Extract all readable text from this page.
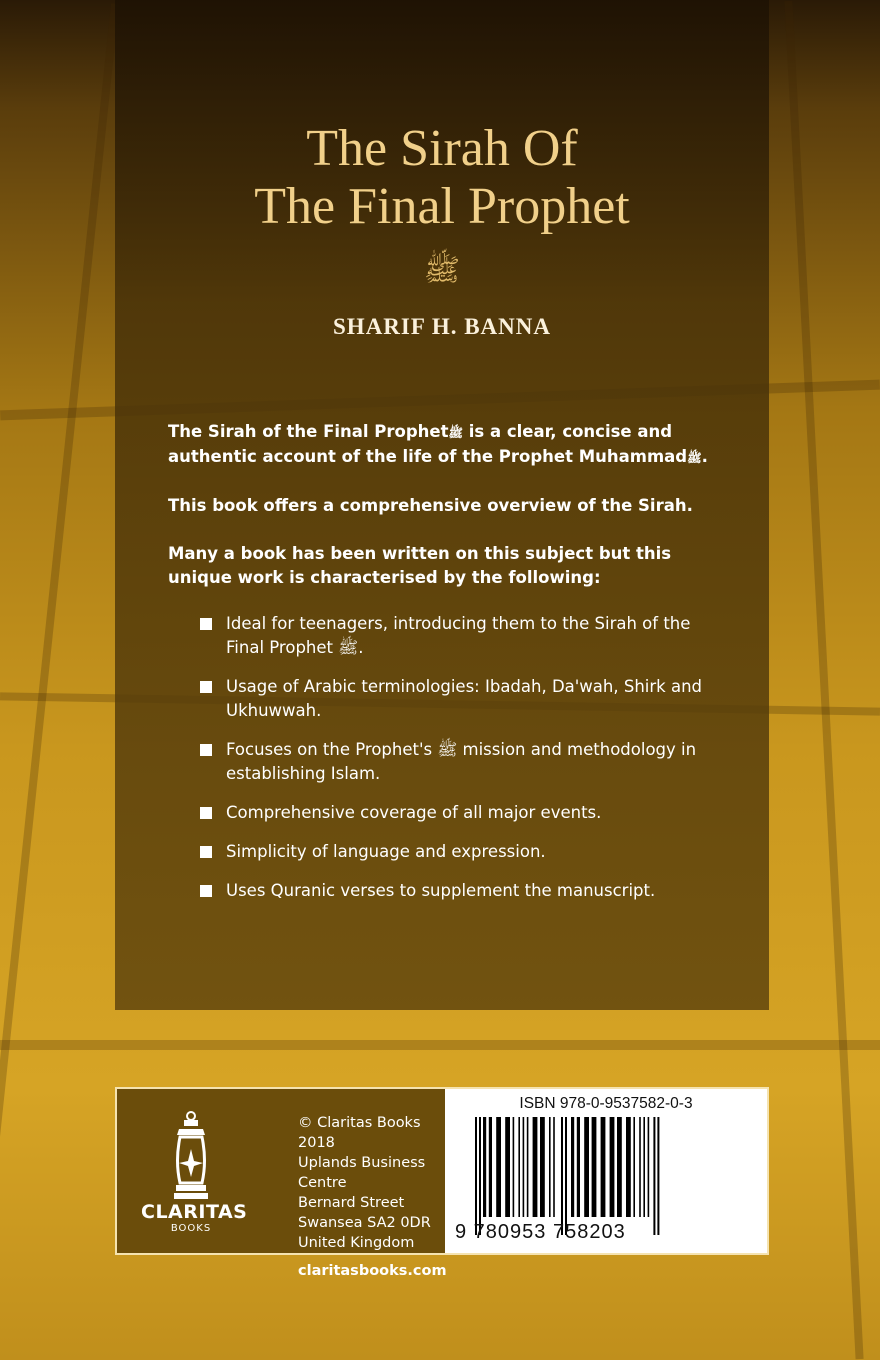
The Sirah Of
The Final Prophet
ﷺ
SHARIF H. BANNA

The Sirah of the Final Prophetﷺ is a clear, concise and authentic account of the life of the Prophet Muhammadﷺ.

This book offers a comprehensive overview of the Sirah.

Many a book has been written on this subject but this unique work is characterised by the following:

Ideal for teenagers, introducing them to the Sirah of the Final Prophet ﷺ.
Usage of Arabic terminologies: Ibadah, Da'wah, Shirk and Ukhuwwah.
Focuses on the Prophet's ﷺ mission and methodology in establishing Islam.
Comprehensive coverage of all major events.
Simplicity of language and expression.
Uses Quranic verses to supplement the manuscript.
CLARITAS
BOOKS
© Claritas Books 2018
Uplands Business Centre
Bernard Street
Swansea SA2 0DR
United Kingdom
claritasbooks.com
ISBN 978-0-9537582-0-3
9 780953 758203
